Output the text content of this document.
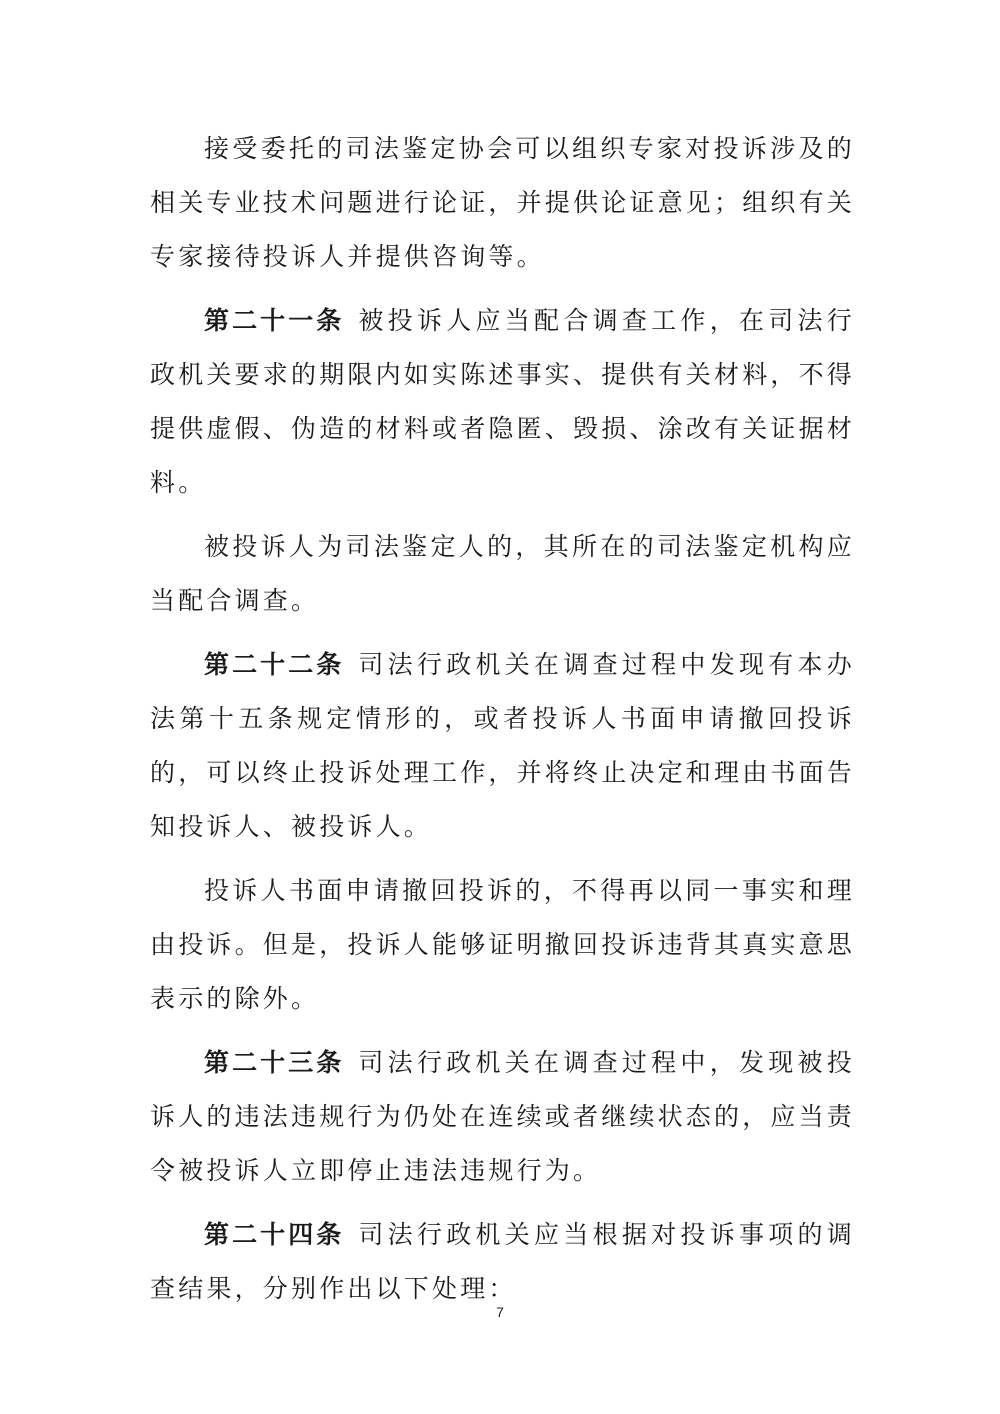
接受委托的司法鉴定协会可以组织专家对投诉涉及的相关专业技术问题进行论证，并提供论证意见；组织有关专家接待投诉人并提供咨询等。

第二十一条 被投诉人应当配合调查工作，在司法行政机关要求的期限内如实陈述事实、提供有关材料，不得提供虚假、伪造的材料或者隐匿、毁损、涂改有关证据材料。

被投诉人为司法鉴定人的，其所在的司法鉴定机构应当配合调查。

第二十二条 司法行政机关在调查过程中发现有本办法第十五条规定情形的，或者投诉人书面申请撤回投诉的，可以终止投诉处理工作，并将终止决定和理由书面告知投诉人、被投诉人。

投诉人书面申请撤回投诉的，不得再以同一事实和理由投诉。但是，投诉人能够证明撤回投诉违背其真实意思表示的除外。

第二十三条 司法行政机关在调查过程中，发现被投诉人的违法违规行为仍处在连续或者继续状态的，应当责令被投诉人立即停止违法违规行为。

第二十四条 司法行政机关应当根据对投诉事项的调查结果，分别作出以下处理：

7
